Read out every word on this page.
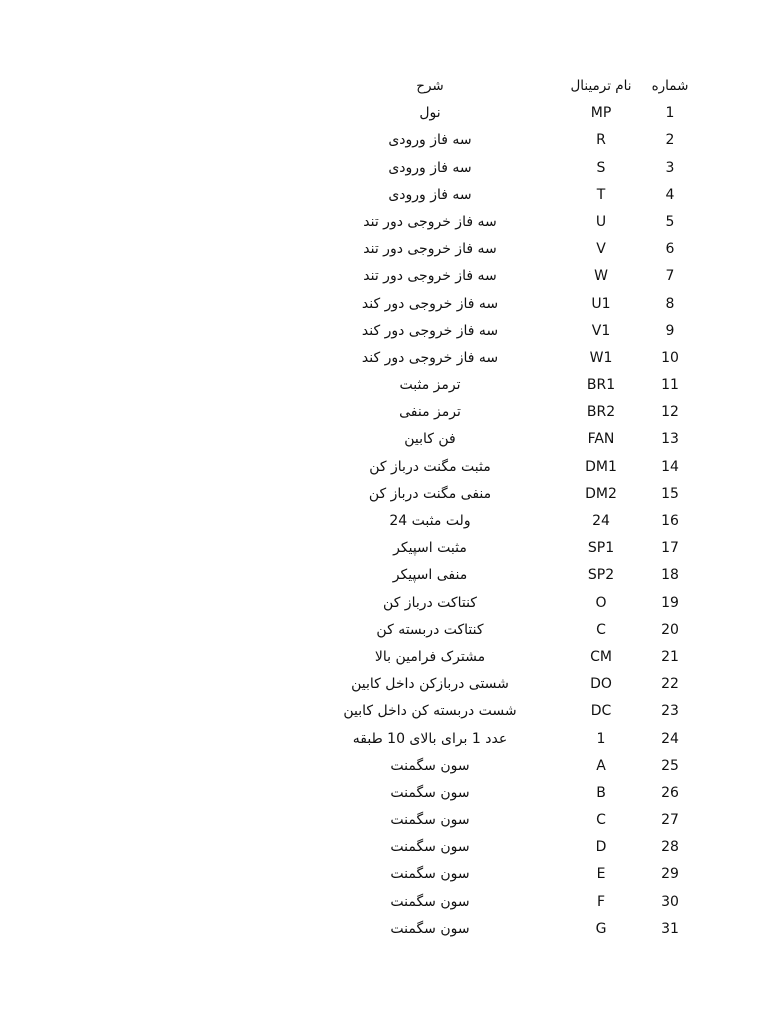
شماره
نام ترمینال
شرح
1
MP
نول
2
R
سه فاز ورودی
3
S
سه فاز ورودی
4
T
سه فاز ورودی
5
U
سه فاز خروجی دور تند
6
V
سه فاز خروجی دور تند
7
W
سه فاز خروجی دور تند
8
U1
سه فاز خروجی دور کند
9
V1
سه فاز خروجی دور کند
10
W1
سه فاز خروجی دور کند
11
BR1
ترمز مثبت
12
BR2
ترمز منفی
13
FAN
فن کابین
14
DM1
مثبت مگنت درباز کن
15
DM2
منفی مگنت درباز کن
16
24
ولت مثبت 24
17
SP1
مثبت اسپیکر
18
SP2
منفی اسپیکر
19
O
کنتاکت درباز کن
20
C
کنتاکت دربسته کن
21
CM
مشترک فرامین بالا
22
DO
شستی دربازکن داخل کابین
23
DC
شست دربسته کن داخل کابین
24
1
عدد 1 برای بالای 10 طبقه
25
A
سون سگمنت
26
B
سون سگمنت
27
C
سون سگمنت
28
D
سون سگمنت
29
E
سون سگمنت
30
F
سون سگمنت
31
G
سون سگمنت
